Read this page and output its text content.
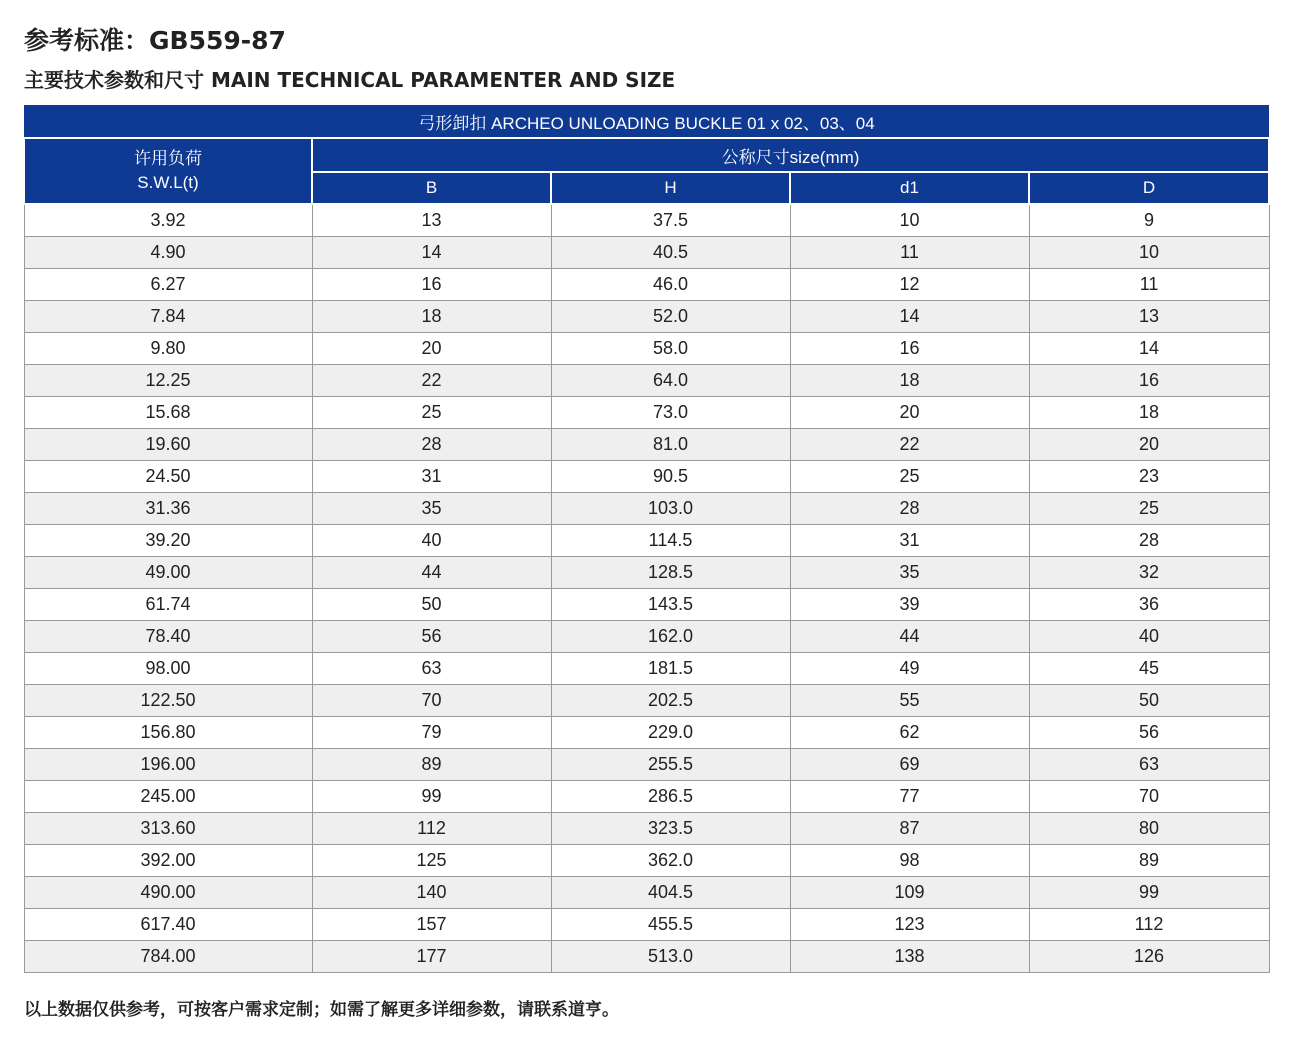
参考标准：GB559-87
主要技术参数和尺寸 MAIN TECHNICAL PARAMENTER AND SIZE
弓形卸扣 ARCHEO UNLOADING BUCKLE 01 x 02、03、04				

许用负荷
S.W.L(t)	公称尺寸size(mm)			
	B	H	d1	D
3.92	13	37.5	10	9
4.90	14	40.5	11	10
6.27	16	46.0	12	11
7.84	18	52.0	14	13
9.80	20	58.0	16	14
12.25	22	64.0	18	16
15.68	25	73.0	20	18
19.60	28	81.0	22	20
24.50	31	90.5	25	23
31.36	35	103.0	28	25
39.20	40	114.5	31	28
49.00	44	128.5	35	32
61.74	50	143.5	39	36
78.40	56	162.0	44	40
98.00	63	181.5	49	45
122.50	70	202.5	55	50
156.80	79	229.0	62	56
196.00	89	255.5	69	63
245.00	99	286.5	77	70
313.60	112	323.5	87	80
392.00	125	362.0	98	89
490.00	140	404.5	109	99
617.40	157	455.5	123	112
784.00	177	513.0	138	126
以上数据仅供参考，可按客户需求定制；如需了解更多详细参数，请联系道亨。
